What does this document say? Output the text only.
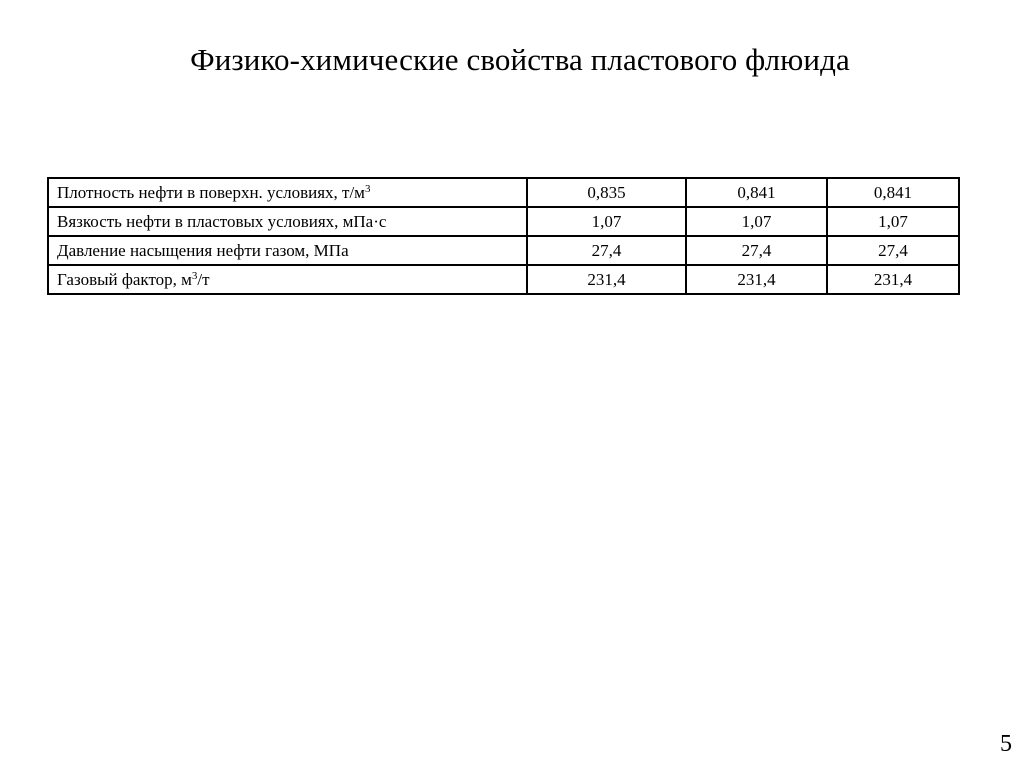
Физико-химические свойства пластового флюида
Плотность нефти в поверхн. условиях, $т/м^3$	0,835	0,841	0,841
Вязкость нефти в пластовых условиях, мПа·с	1,07	1,07	1,07
Давление насыщения нефти газом, МПа	27,4	27,4	27,4
Газовый фактор, $м^3/т$	231,4	231,4	231,4
5
